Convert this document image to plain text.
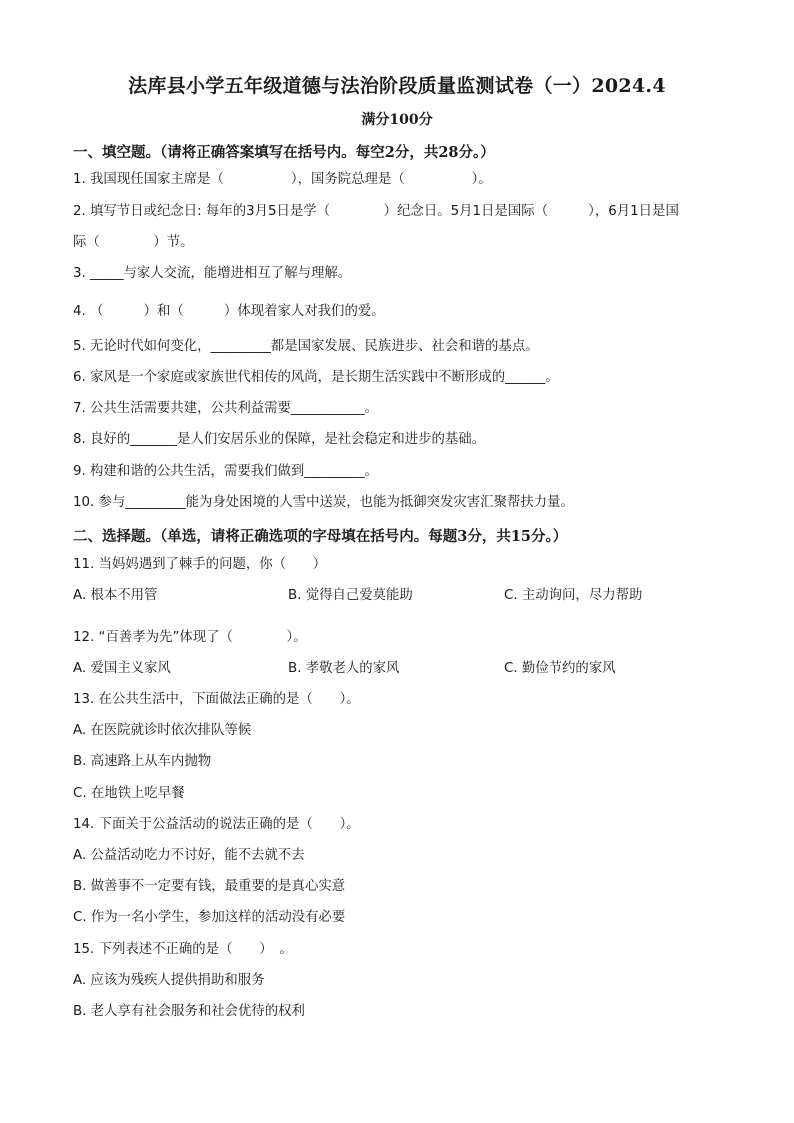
法库县小学五年级道德与法治阶段质量监测试卷（一）2024.4
满分100分
一、填空题。（请将正确答案填写在括号内。每空2分，共28分。）
1. 我国现任国家主席是（　　　　　），国务院总理是（　　　　　）。
2. 填写节日或纪念日: 每年的3月5日是学（　　　　）纪念日。5月1日是国际（　　　），6月1日是国
际（　　　　）节。
3. _____与家人交流，能增进相互了解与理解。
4. （　　　）和（　　　）体现着家人对我们的爱。
5. 无论时代如何变化，_________都是国家发展、民族进步、社会和谐的基点。
6. 家风是一个家庭或家族世代相传的风尚，是长期生活实践中不断形成的______。
7. 公共生活需要共建，公共利益需要___________。
8. 良好的_______是人们安居乐业的保障，是社会稳定和进步的基础。
9. 构建和谐的公共生活，需要我们做到_________。
10. 参与_________能为身处困境的人雪中送炭，也能为抵御突发灾害汇聚帮扶力量。
二、选择题。（单选，请将正确选项的字母填在括号内。每题3分，共15分。）
11. 当妈妈遇到了棘手的问题，你（　　）
A. 根本不用管	B. 觉得自己爱莫能助	C. 主动询问，尽力帮助
12. “百善孝为先”体现了（　　　　）。
A. 爱国主义家风	B. 孝敬老人的家风	C. 勤俭节约的家风
13. 在公共生活中，下面做法正确的是（　　）。
A. 在医院就诊时依次排队等候
B. 高速路上从车内抛物
C. 在地铁上吃早餐
14. 下面关于公益活动的说法正确的是（　　）。
A. 公益活动吃力不讨好，能不去就不去
B. 做善事不一定要有钱，最重要的是真心实意
C. 作为一名小学生，参加这样的活动没有必要
15. 下列表述不正确的是（　　）　。
A. 应该为残疾人提供捐助和服务
B. 老人享有社会服务和社会优待的权利
